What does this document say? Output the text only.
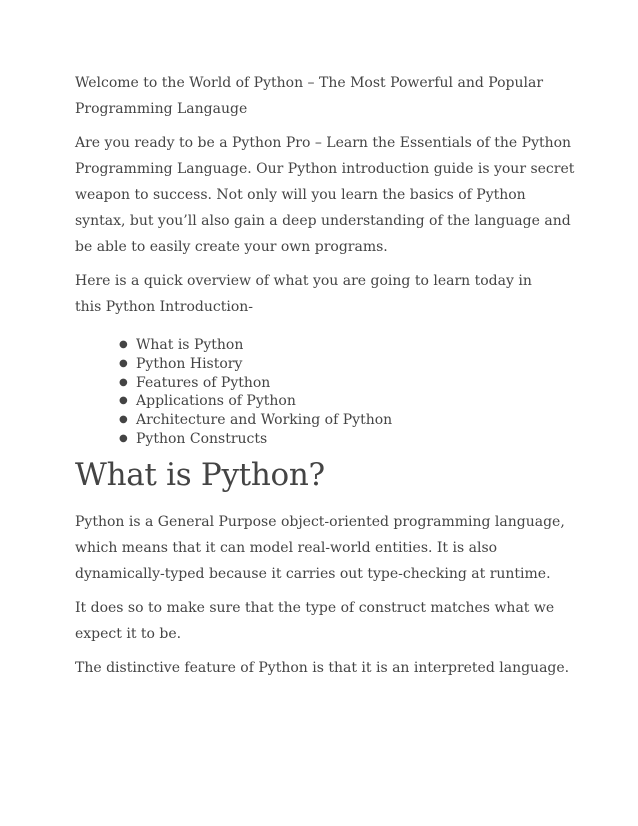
Welcome to the World of Python – The Most Powerful and Popular Programming Langauge

Are you ready to be a Python Pro – Learn the Essentials of the Python Programming Language. Our Python introduction guide is your secret weapon to success. Not only will you learn the basics of Python syntax, but you’ll also gain a deep understanding of the language and be able to easily create your own programs.

Here is a quick overview of what you are going to learn today in this Python Introduction-

● What is Python
● Python History
● Features of Python
● Applications of Python
● Architecture and Working of Python
● Python Constructs
What is Python?

Python is a General Purpose object-oriented programming language, which means that it can model real-world entities. It is also dynamically-typed because it carries out type-checking at runtime.

It does so to make sure that the type of construct matches what we expect it to be.

The distinctive feature of Python is that it is an interpreted language.
